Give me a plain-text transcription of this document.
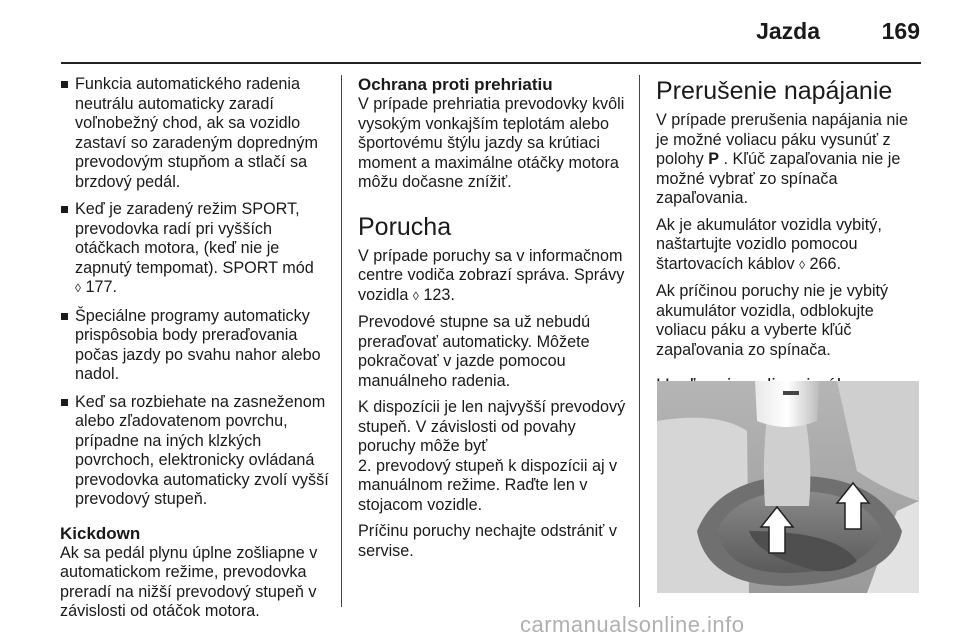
Jazda	169
Funkcia automatického radenia neutrálu automaticky zaradí voľnobežný chod, ak sa vozidlo zastaví so zaradeným dopredným prevodovým stupňom a stlačí sa brzdový pedál.
Keď je zaradený režim SPORT, prevodovka radí pri vyšších otáčkach motora, (keď nie je zapnutý tempomat). SPORT mód
◊ 177.
Špeciálne programy automaticky prispôsobia body preraďovania počas jazdy po svahu nahor alebo nadol.
Keď sa rozbiehate na zasneženom alebo zľadovatenom povrchu, prípadne na iných klzkých povrchoch, elektronicky ovládaná prevodovka automaticky zvolí vyšší prevodový stupeň.
Kickdown

Ak sa pedál plynu úplne zošliapne v automatickom režime, prevodovka preradí na nižší prevodový stupeň v závislosti od otáčok motora.

Ochrana proti prehriatiu

V prípade prehriatia prevodovky kvôli vysokým vonkajším teplotám alebo športovému štýlu jazdy sa krútiaci moment a maximálne otáčky motora môžu dočasne znížiť.

Porucha

V prípade poruchy sa v informačnom centre vodiča zobrazí správa. Správy vozidla ◊ 123.

Prevodové stupne sa už nebudú preraďovať automaticky. Môžete pokračovať v jazde pomocou manuálneho radenia.

K dispozícii je len najvyšší prevodový stupeň. V závislosti od povahy poruchy môže byť
2. prevodový stupeň k dispozícii aj v manuálnom režime. Raďte len v stojacom vozidle.

Príčinu poruchy nechajte odstrániť v servise.

Prerušenie napájanie

V prípade prerušenia napájania nie je možné voliacu páku vysunúť z polohy P . Kľúč zapaľovania nie je možné vybrať zo spínača zapaľovania.

Ak je akumulátor vozidla vybitý, naštartujte vozidlo pomocou štartovacích káblov ◊ 266.

Ak príčinou poruchy nie je vybitý akumulátor vozidla, odblokujte voliacu páku a vyberte kľúč zapaľovania zo spínača.

carmanualsonline.info
